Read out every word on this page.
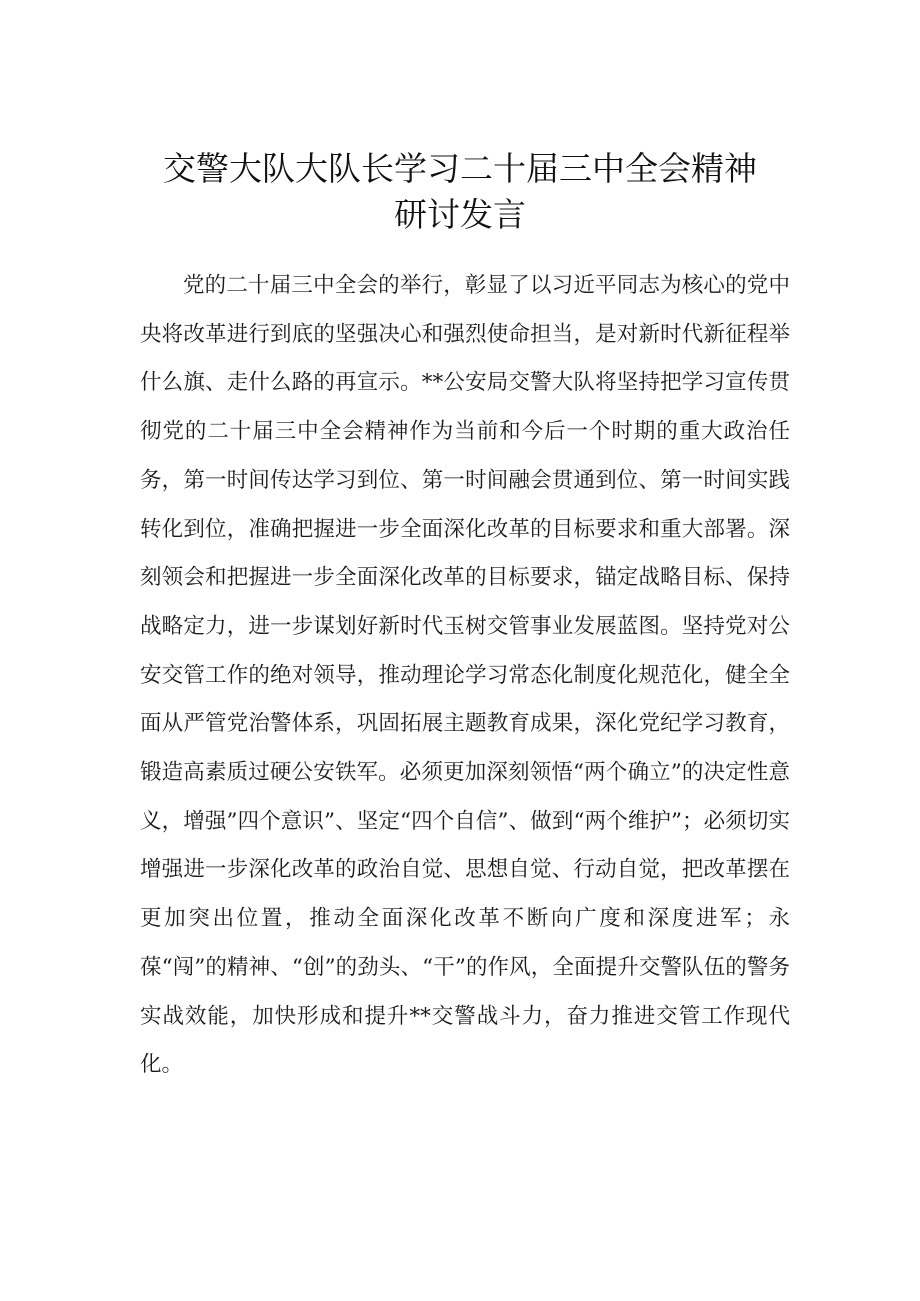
交警大队大队长学习二十届三中全会精神
研讨发言

党的二十届三中全会的举行，彰显了以习近平同志为核心的党中央将改革进行到底的坚强决心和强烈使命担当，是对新时代新征程举什么旗、走什么路的再宣示。**公安局交警大队将坚持把学习宣传贯彻党的二十届三中全会精神作为当前和今后一个时期的重大政治任务，第一时间传达学习到位、第一时间融会贯通到位、第一时间实践转化到位，准确把握进一步全面深化改革的目标要求和重大部署。深刻领会和把握进一步全面深化改革的目标要求，锚定战略目标、保持战略定力，进一步谋划好新时代玉树交管事业发展蓝图。坚持党对公安交管工作的绝对领导，推动理论学习常态化制度化规范化，健全全面从严管党治警体系，巩固拓展主题教育成果，深化党纪学习教育，锻造高素质过硬公安铁军。必须更加深刻领悟“两个确立”的决定性意义，增强”四个意识”、坚定“四个自信”、做到“两个维护”；必须切实增强进一步深化改革的政治自觉、思想自觉、行动自觉，把改革摆在更加突出位置，推动全面深化改革不断向广度和深度进军；永葆“闯”的精神、“创”的劲头、“干”的作风，全面提升交警队伍的警务实战效能，加快形成和提升**交警战斗力，奋力推进交管工作现代化。
